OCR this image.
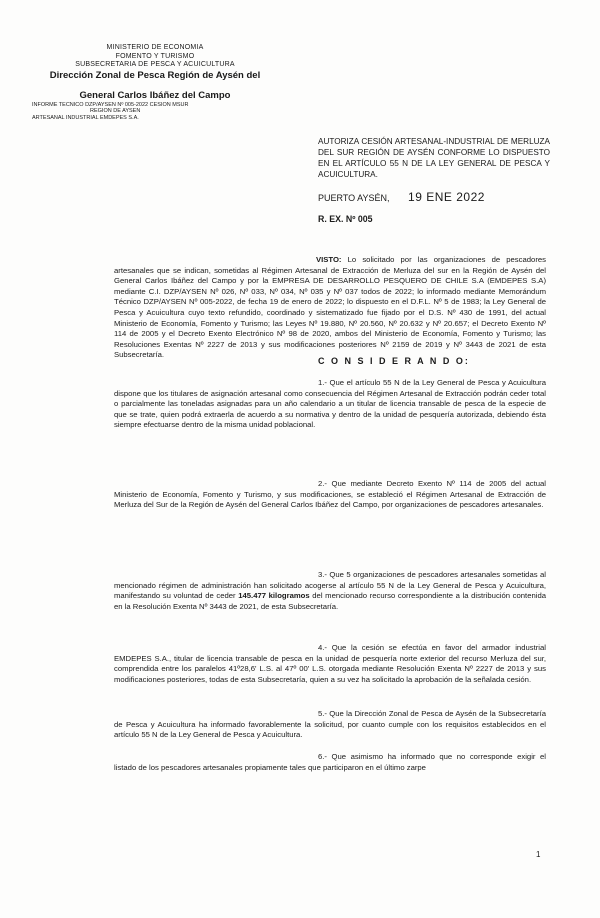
MINISTERIO DE ECONOMIA
FOMENTO Y TURISMO
SUBSECRETARIA DE PESCA Y ACUICULTURA
Dirección Zonal de Pesca Región de Aysén del
General Carlos Ibáñez del Campo
INFORME TECNICO DZP/AYSEN Nº 005-2022 CESION MSUR
REGION DE AYSEN
ARTESANAL INDUSTRIAL EMDEPES S.A.
AUTORIZA CESIÓN ARTESANAL-INDUSTRIAL DE MERLUZA DEL SUR REGIÓN DE AYSÉN CONFORME LO DISPUESTO EN EL ARTÍCULO 55 N DE LA LEY GENERAL DE PESCA Y ACUICULTURA.
PUERTO AYSÉN, 19 ENE 2022
R. EX. Nº 005
VISTO: Lo solicitado por las organizaciones de pescadores artesanales que se indican, sometidas al Régimen Artesanal de Extracción de Merluza del sur en la Región de Aysén del General Carlos Ibáñez del Campo y por la EMPRESA DE DESARROLLO PESQUERO DE CHILE S.A (EMDEPES S.A) mediante C.I. DZP/AYSEN Nº 026, Nº 033, Nº 034, Nº 035 y Nº 037 todos de 2022; lo informado mediante Memorándum Técnico DZP/AYSEN Nº 005-2022, de fecha 19 de enero de 2022; lo dispuesto en el D.F.L. Nº 5 de 1983; la Ley General de Pesca y Acuicultura cuyo texto refundido, coordinado y sistematizado fue fijado por el D.S. Nº 430 de 1991, del actual Ministerio de Economía, Fomento y Turismo; las Leyes Nº 19.880, Nº 20.560, Nº 20.632 y Nº 20.657; el Decreto Exento Nº 114 de 2005 y el Decreto Exento Electrónico Nº 98 de 2020, ambos del Ministerio de Economía, Fomento y Turismo; las Resoluciones Exentas Nº 2227 de 2013 y sus modificaciones posteriores Nº 2159 de 2019 y Nº 3443 de 2021 de esta Subsecretaría.
C O N S I D E R A N D O:
1.- Que el artículo 55 N de la Ley General de Pesca y Acuicultura dispone que los titulares de asignación artesanal como consecuencia del Régimen Artesanal de Extracción podrán ceder total o parcialmente las toneladas asignadas para un año calendario a un titular de licencia transable de pesca de la especie de que se trate, quien podrá extraerla de acuerdo a su normativa y dentro de la unidad de pesquería autorizada, debiendo ésta siempre efectuarse dentro de la misma unidad poblacional.
2.- Que mediante Decreto Exento Nº 114 de 2005 del actual Ministerio de Economía, Fomento y Turismo, y sus modificaciones, se estableció el Régimen Artesanal de Extracción de Merluza del Sur de la Región de Aysén del General Carlos Ibáñez del Campo, por organizaciones de pescadores artesanales.
3.- Que 5 organizaciones de pescadores artesanales sometidas al mencionado régimen de administración han solicitado acogerse al artículo 55 N de la Ley General de Pesca y Acuicultura, manifestando su voluntad de ceder 145.477 kilogramos del mencionado recurso correspondiente a la distribución contenida en la Resolución Exenta Nº 3443 de 2021, de esta Subsecretaría.
4.- Que la cesión se efectúa en favor del armador industrial EMDEPES S.A., titular de licencia transable de pesca en la unidad de pesquería norte exterior del recurso Merluza del sur, comprendida entre los paralelos 41º28,6' L.S. al 47º 00' L.S. otorgada mediante Resolución Exenta Nº 2227 de 2013 y sus modificaciones posteriores, todas de esta Subsecretaría, quien a su vez ha solicitado la aprobación de la señalada cesión.
5.- Que la Dirección Zonal de Pesca de Aysén de la Subsecretaría de Pesca y Acuicultura ha informado favorablemente la solicitud, por cuanto cumple con los requisitos establecidos en el artículo 55 N de la Ley General de Pesca y Acuicultura.
6.- Que asimismo ha informado que no corresponde exigir el listado de los pescadores artesanales propiamente tales que participaron en el último zarpe
1
